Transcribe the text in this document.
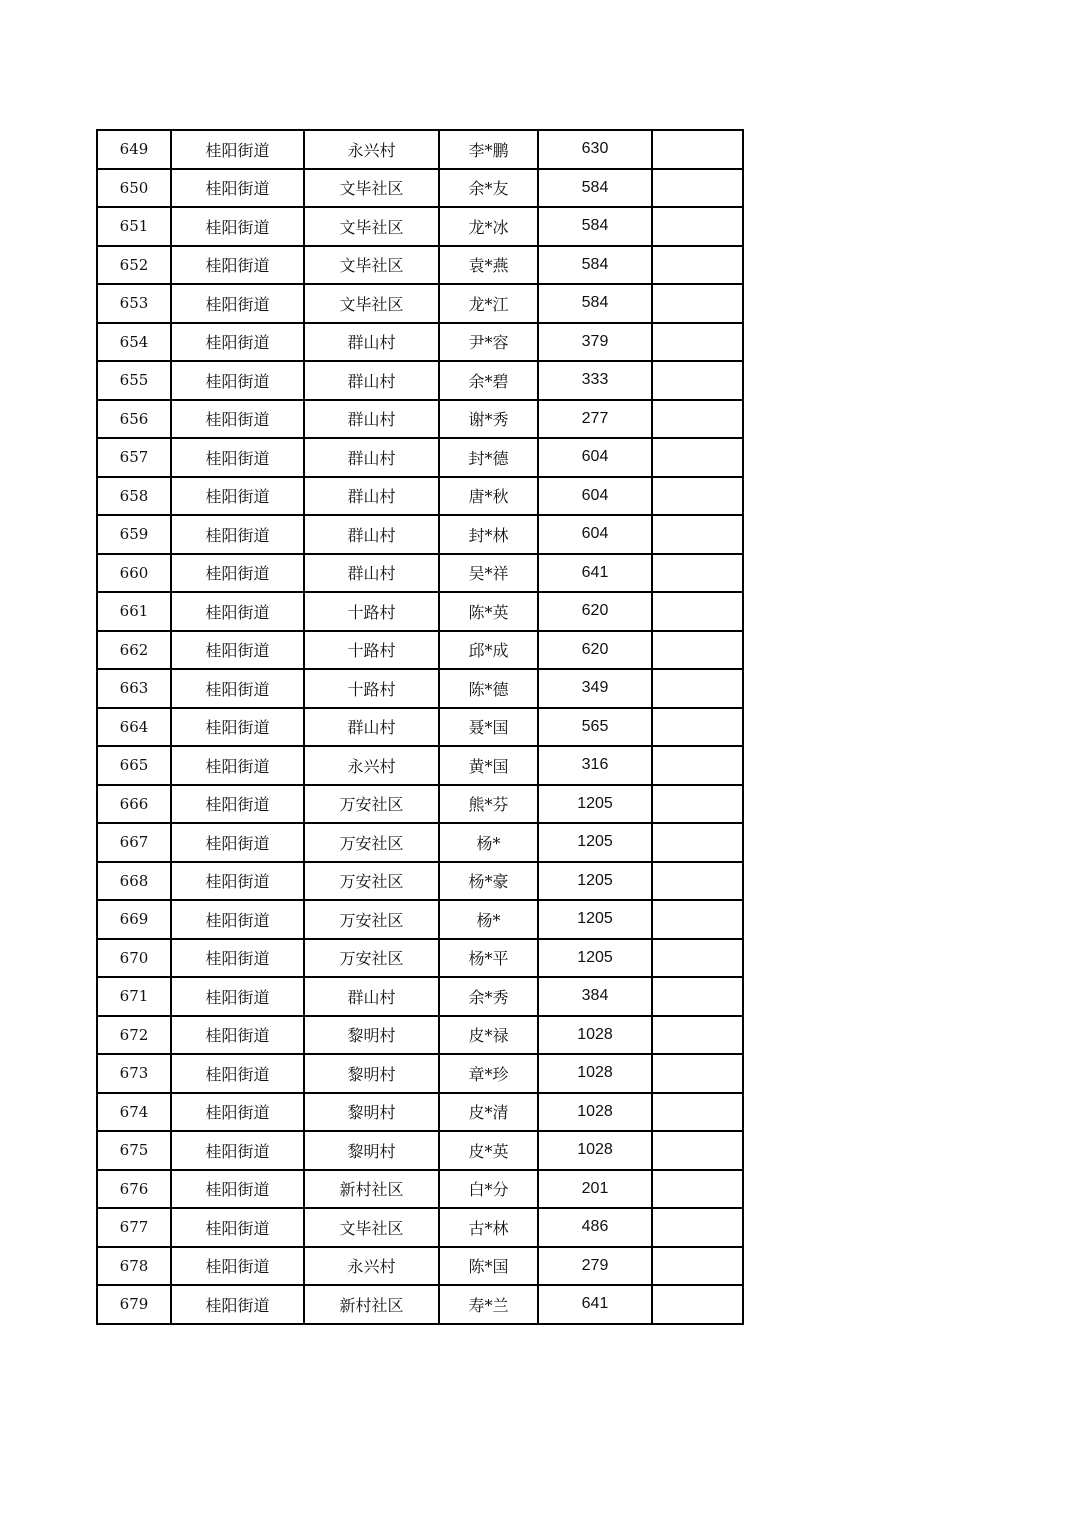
649	桂阳街道	永兴村	李*鹏	630	
650	桂阳街道	文毕社区	余*友	584	
651	桂阳街道	文毕社区	龙*冰	584	
652	桂阳街道	文毕社区	袁*燕	584	
653	桂阳街道	文毕社区	龙*江	584	
654	桂阳街道	群山村	尹*容	379	
655	桂阳街道	群山村	余*碧	333	
656	桂阳街道	群山村	谢*秀	277	
657	桂阳街道	群山村	封*德	604	
658	桂阳街道	群山村	唐*秋	604	
659	桂阳街道	群山村	封*林	604	
660	桂阳街道	群山村	吴*祥	641	
661	桂阳街道	十路村	陈*英	620	
662	桂阳街道	十路村	邱*成	620	
663	桂阳街道	十路村	陈*德	349	
664	桂阳街道	群山村	聂*国	565	
665	桂阳街道	永兴村	黄*国	316	
666	桂阳街道	万安社区	熊*芬	1205	
667	桂阳街道	万安社区	杨*	1205	
668	桂阳街道	万安社区	杨*豪	1205	
669	桂阳街道	万安社区	杨*	1205	
670	桂阳街道	万安社区	杨*平	1205	
671	桂阳街道	群山村	余*秀	384	
672	桂阳街道	黎明村	皮*禄	1028	
673	桂阳街道	黎明村	章*珍	1028	
674	桂阳街道	黎明村	皮*清	1028	
675	桂阳街道	黎明村	皮*英	1028	
676	桂阳街道	新村社区	白*分	201	
677	桂阳街道	文毕社区	古*林	486	
678	桂阳街道	永兴村	陈*国	279	
679	桂阳街道	新村社区	寿*兰	641	
